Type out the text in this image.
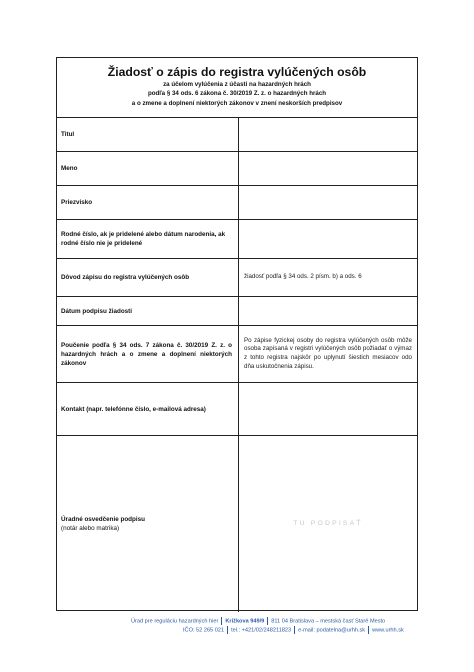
Žiadosť o zápis do registra vylúčených osôb
za účelom vylúčenia z účasti na hazardných hrách
podľa § 34 ods. 6 zákona č. 30/2019 Z. z. o hazardných hrách
a o zmene a doplnení niektorých zákonov v znení neskorších predpisov
Titul
Meno
Priezvisko
Rodné číslo, ak je pridelené alebo dátum narodenia, ak rodné číslo nie je pridelené
Dôvod zápisu do registra vylúčených osôb	žiadosť podľa § 34 ods. 2 písm. b) a ods. 6
Dátum podpisu žiadosti
Poučenie podľa § 34 ods. 7 zákona č. 30/2019 Z. z. o hazardných hrách a o zmene a doplnení niektorých zákonov
Po zápise fyzickej osoby do registra vylúčených osôb môže osoba zapísaná v registri vylúčených osôb požiadať o výmaz z tohto registra najskôr po uplynutí šiestich mesiacov odo dňa uskutočnenia zápisu.
Kontakt (napr. telefónne číslo, e-mailová adresa)
Úradné osvedčenie podpisu
(notár alebo matrika)
TU PODPISAŤ
Úrad pre reguláciu hazardných hier Križkova 949/9 811 04 Bratislava – mestská časť Staré Mesto
IČO: 52 265 021 tel.: +421/02/248211823 e-mail: podatelna@urhh.sk www.urhh.sk
